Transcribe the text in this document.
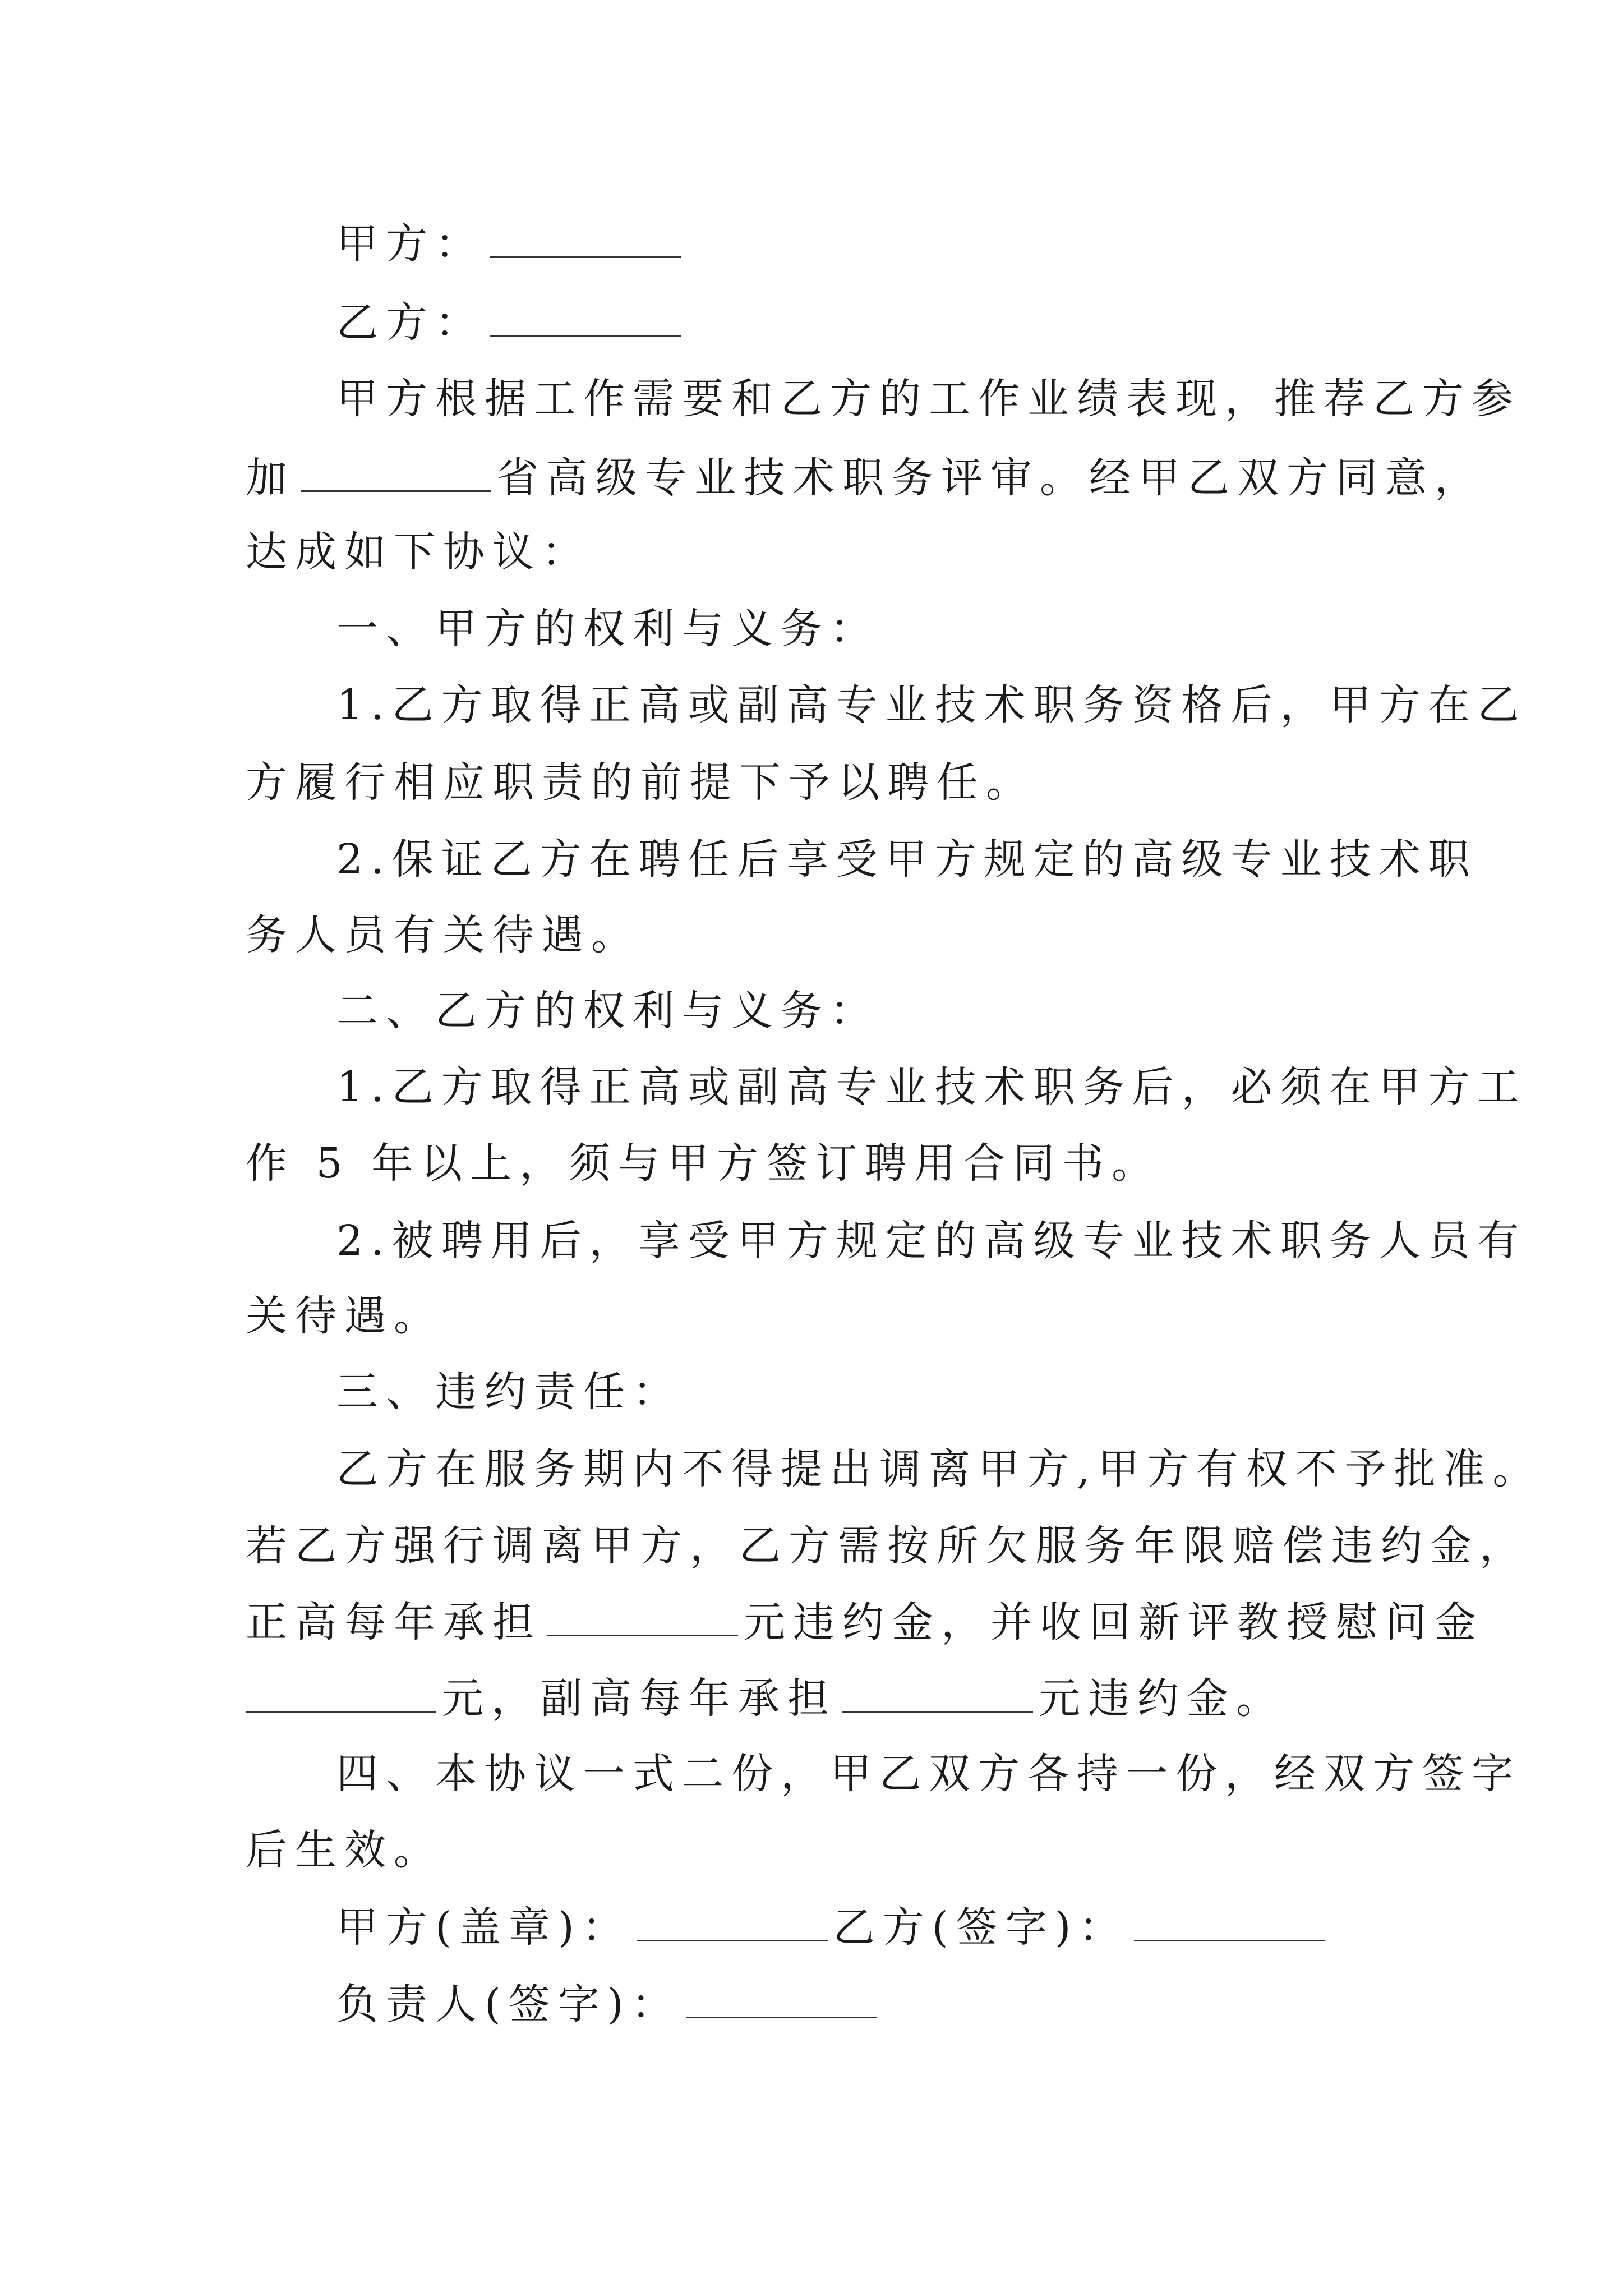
甲方：
乙方：
甲方根据工作需要和乙方的工作业绩表现，推荐乙方参
加	省高级专业技术职务评审。经甲乙双方同意，
达成如下协议：
一、甲方的权利与义务：
1.乙方取得正高或副高专业技术职务资格后，甲方在乙
方履行相应职责的前提下予以聘任。
2.保证乙方在聘任后享受甲方规定的高级专业技术职
务人员有关待遇。
二、乙方的权利与义务：
1.乙方取得正高或副高专业技术职务后，必须在甲方工
作 5 年以上，须与甲方签订聘用合同书。
2.被聘用后，享受甲方规定的高级专业技术职务人员有
关待遇。
三、违约责任：
乙方在服务期内不得提出调离甲方,甲方有权不予批准。
若乙方强行调离甲方，乙方需按所欠服务年限赔偿违约金，
正高每年承担	元违约金，并收回新评教授慰问金
元，副高每年承担	元违约金。
四、本协议一式二份，甲乙双方各持一份，经双方签字
后生效。
甲方(盖章)：	乙方(签字)：
负责人(签字)：
